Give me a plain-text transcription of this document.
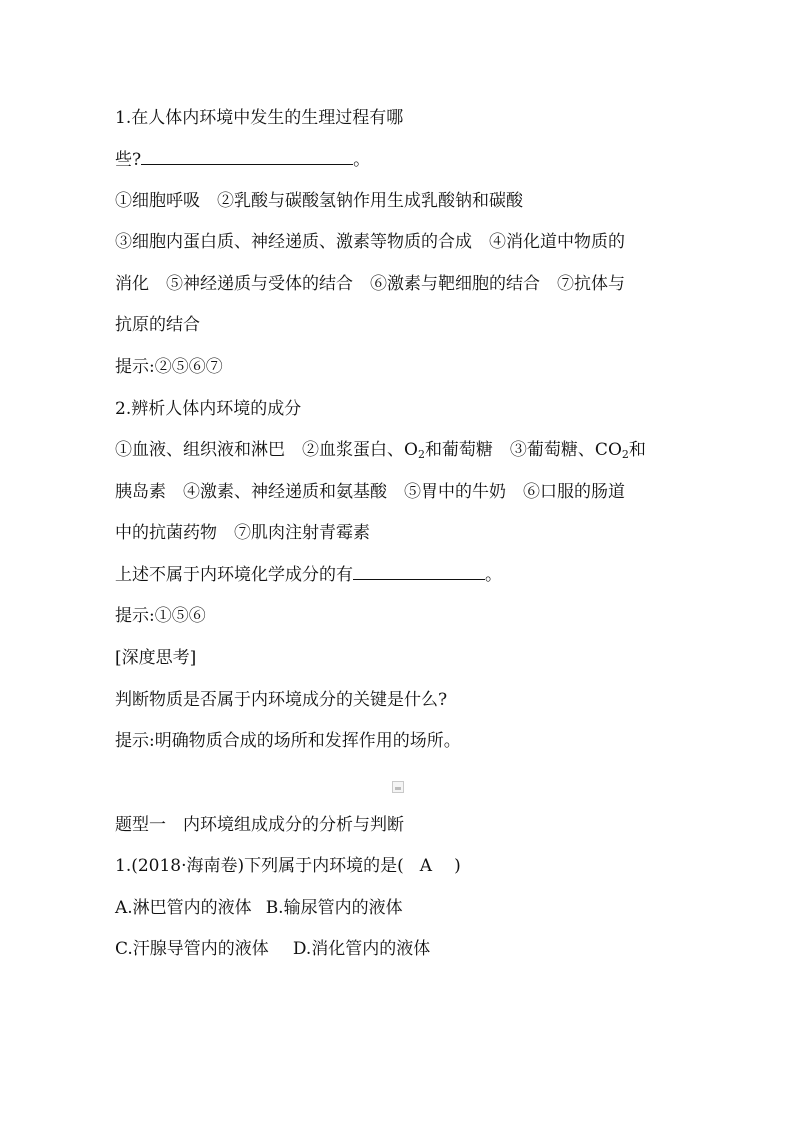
1.在人体内环境中发生的生理过程有哪
些?	。
①细胞呼吸　②乳酸与碳酸氢钠作用生成乳酸钠和碳酸
③细胞内蛋白质、神经递质、激素等物质的合成　④消化道中物质的
消化　⑤神经递质与受体的结合　⑥激素与靶细胞的结合　⑦抗体与
抗原的结合
提示:②⑤⑥⑦
2.辨析人体内环境的成分
①血液、组织液和淋巴　②血浆蛋白、$O_2$和葡萄糖　③葡萄糖、$CO_2$和
胰岛素　④激素、神经递质和氨基酸　⑤胃中的牛奶　⑥口服的肠道
中的抗菌药物　⑦肌肉注射青霉素
上述不属于内环境化学成分的有	。
提示:①⑤⑥
[深度思考]
判断物质是否属于内环境成分的关键是什么?
提示:明确物质合成的场所和发挥作用的场所。
题型一　内环境组成成分的分析与判断
1.(2018·海南卷)下列属于内环境的是( A )
A.淋巴管内的液体 B.输尿管内的液体
C.汗腺导管内的液体 D.消化管内的液体
